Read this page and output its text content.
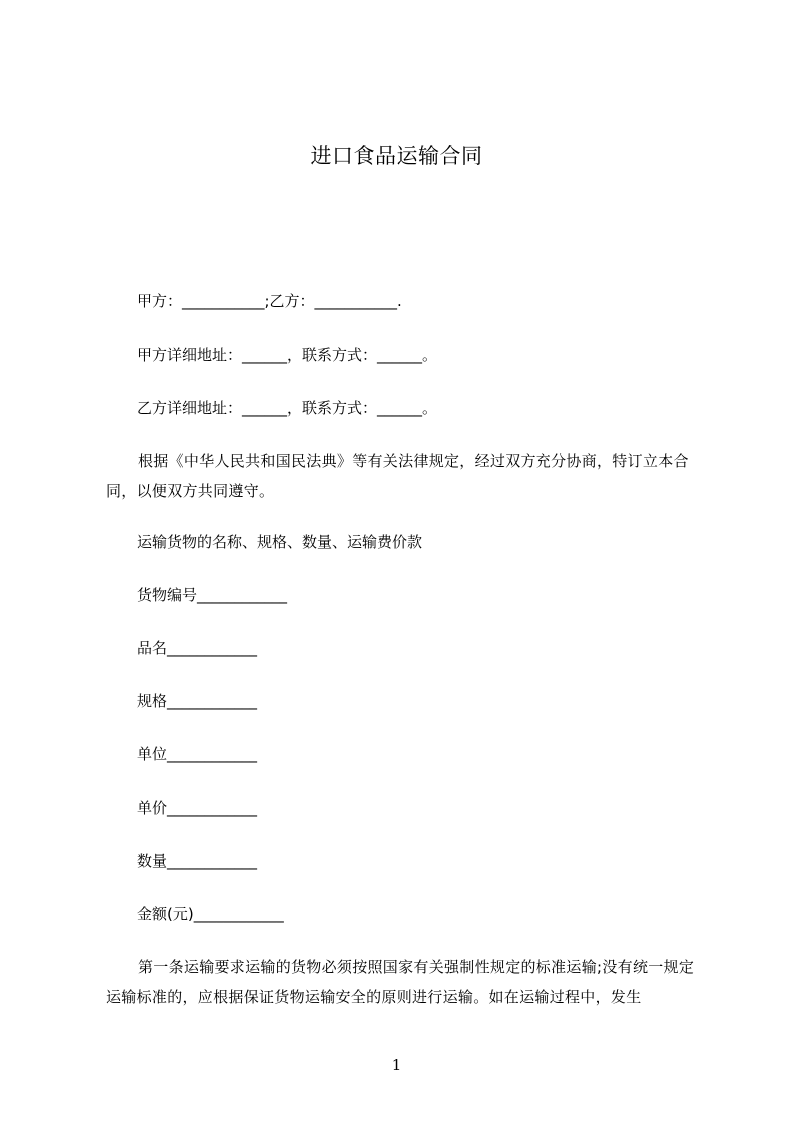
进口食品运输合同
甲方：___________;乙方：___________.
甲方详细地址：______，联系方式：______。
乙方详细地址：______，联系方式：______。
根据《中华人民共和国民法典》等有关法律规定，经过双方充分协商，特订立本合同，以便双方共同遵守。
运输货物的名称、规格、数量、运输费价款
货物编号____________
品名____________
规格____________
单位____________
单价____________
数量____________
金额(元)____________
第一条运输要求运输的货物必须按照国家有关强制性规定的标准运输;没有统一规定运输标准的，应根据保证货物运输安全的原则进行运输。如在运输过程中，发生
1
